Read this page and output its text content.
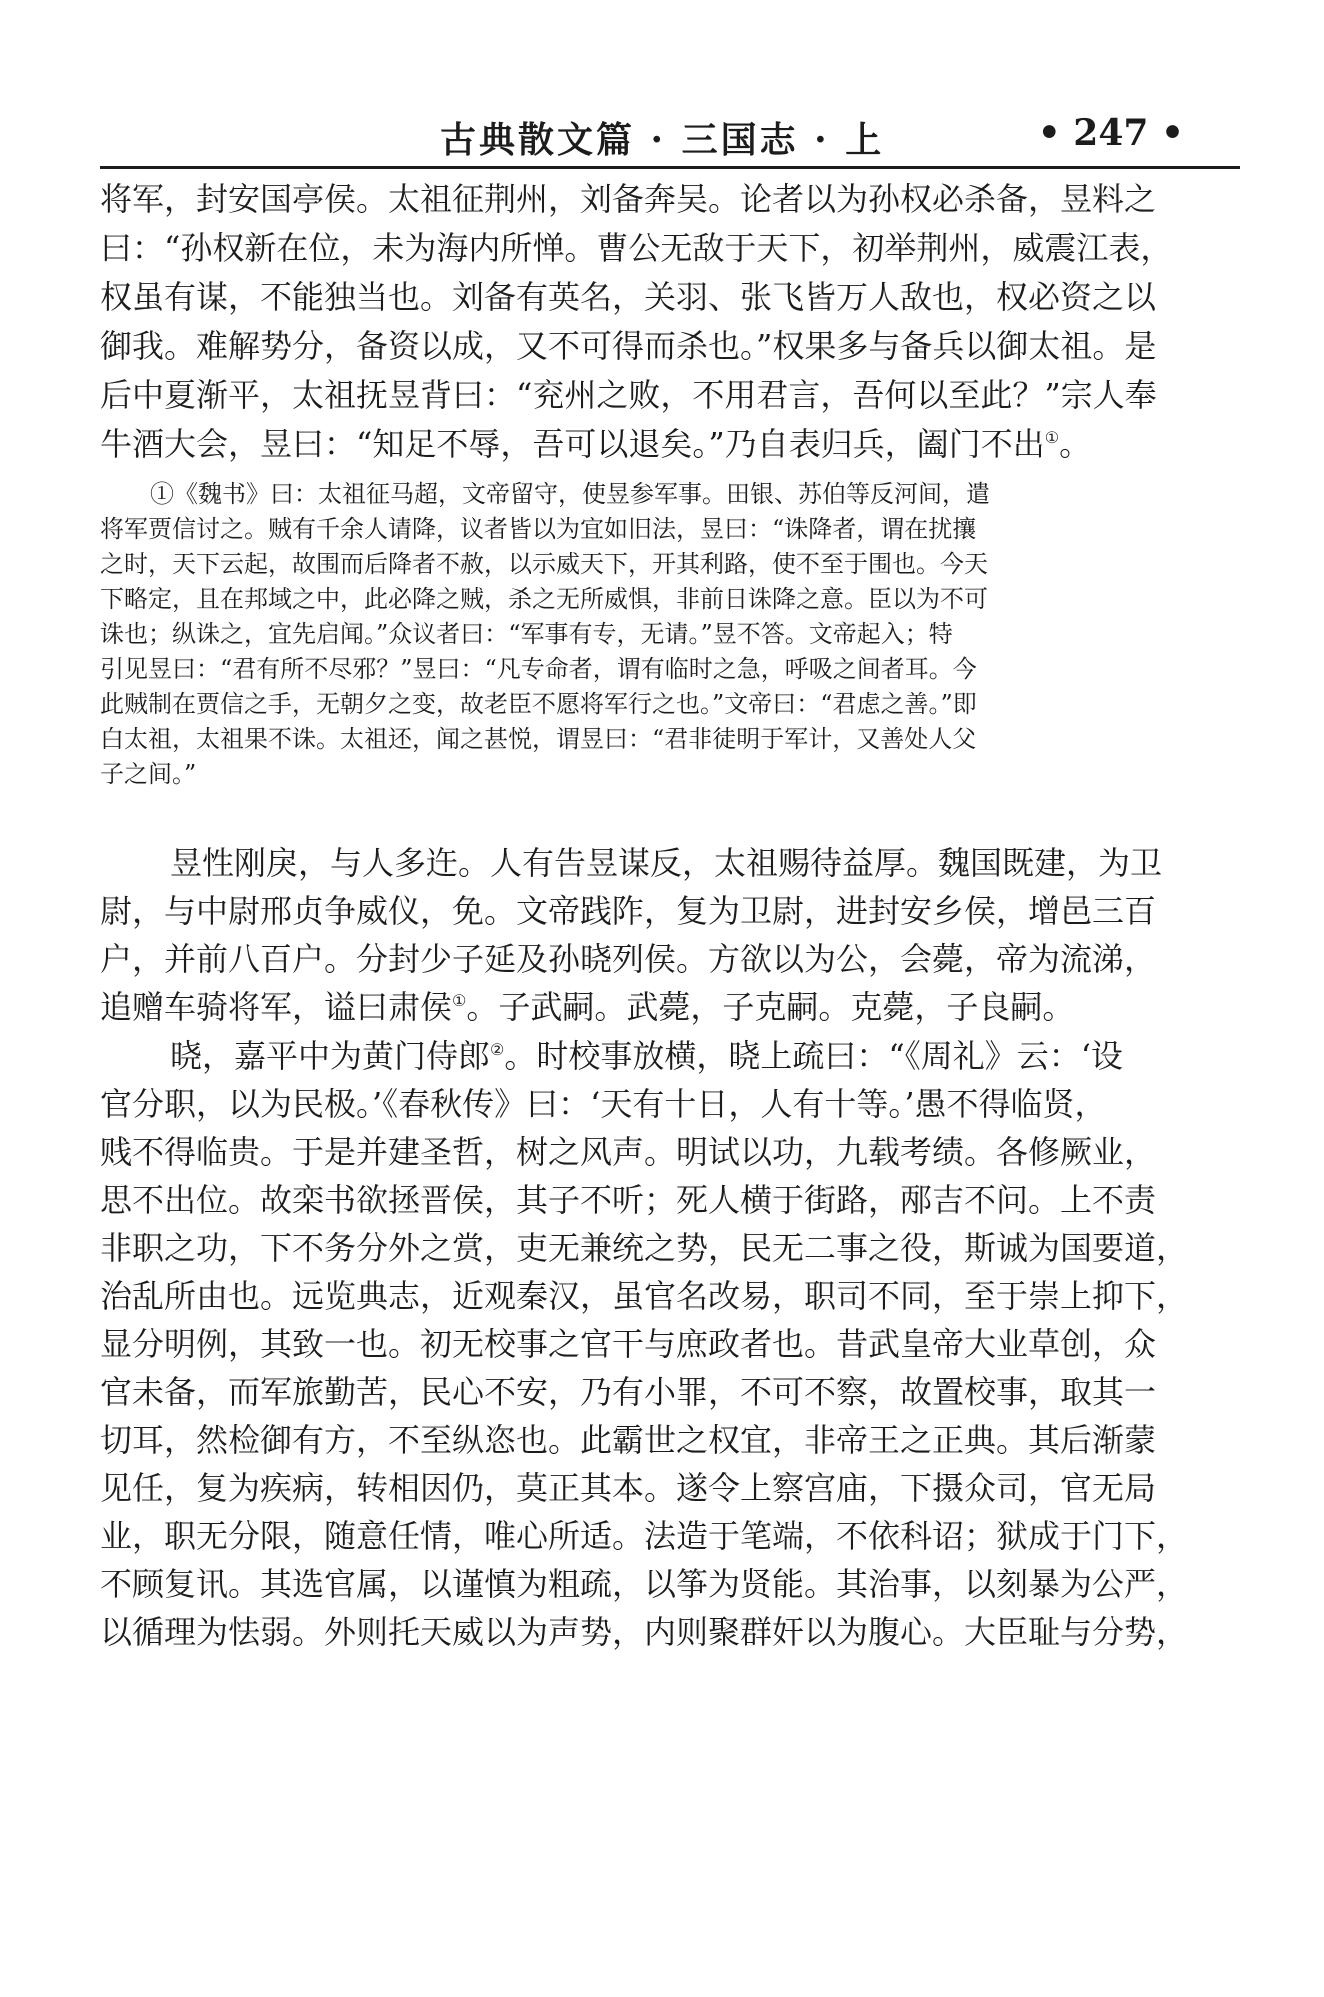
古典散文篇 · 三国志 · 上	• 247 •
将军，封安国亭侯。太祖征荆州，刘备奔吴。论者以为孙权必杀备，昱料之
曰：“孙权新在位，未为海内所惮。曹公无敌于天下，初举荆州，威震江表，
权虽有谋，不能独当也。刘备有英名，关羽、张飞皆万人敌也，权必资之以
御我。难解势分，备资以成，又不可得而杀也。”权果多与备兵以御太祖。是
后中夏渐平，太祖抚昱背曰：“兖州之败，不用君言，吾何以至此？”宗人奉
牛酒大会，昱曰：“知足不辱，吾可以退矣。”乃自表归兵，阖门不出①。
①《魏书》曰：太祖征马超，文帝留守，使昱参军事。田银、苏伯等反河间，遣
将军贾信讨之。贼有千余人请降，议者皆以为宜如旧法，昱曰：“诛降者，谓在扰攘
之时，天下云起，故围而后降者不赦，以示威天下，开其利路，使不至于围也。今天
下略定，且在邦域之中，此必降之贼，杀之无所威惧，非前日诛降之意。臣以为不可
诛也；纵诛之，宜先启闻。”众议者曰：“军事有专，无请。”昱不答。文帝起入；特
引见昱曰：“君有所不尽邪？”昱曰：“凡专命者，谓有临时之急，呼吸之间者耳。今
此贼制在贾信之手，无朝夕之变，故老臣不愿将军行之也。”文帝曰：“君虑之善。”即
白太祖，太祖果不诛。太祖还，闻之甚悦，谓昱曰：“君非徒明于军计，又善处人父
子之间。”
昱性刚戾，与人多迕。人有告昱谋反，太祖赐待益厚。魏国既建，为卫
尉，与中尉邢贞争威仪，免。文帝践阼，复为卫尉，进封安乡侯，增邑三百
户，并前八百户。分封少子延及孙晓列侯。方欲以为公，会薨，帝为流涕，
追赠车骑将军，谥曰肃侯①。子武嗣。武薨，子克嗣。克薨，子良嗣。
晓，嘉平中为黄门侍郎②。时校事放横，晓上疏曰：“《周礼》云：‘设
官分职，以为民极。’《春秋传》曰：‘天有十日，人有十等。’愚不得临贤，
贱不得临贵。于是并建圣哲，树之风声。明试以功，九载考绩。各修厥业，
思不出位。故栾书欲拯晋侯，其子不听；死人横于街路，邴吉不问。上不责
非职之功，下不务分外之赏，吏无兼统之势，民无二事之役，斯诚为国要道，
治乱所由也。远览典志，近观秦汉，虽官名改易，职司不同，至于崇上抑下，
显分明例，其致一也。初无校事之官干与庶政者也。昔武皇帝大业草创，众
官未备，而军旅勤苦，民心不安，乃有小罪，不可不察，故置校事，取其一
切耳，然检御有方，不至纵恣也。此霸世之权宜，非帝王之正典。其后渐蒙
见任，复为疾病，转相因仍，莫正其本。遂令上察宫庙，下摄众司，官无局
业，职无分限，随意任情，唯心所适。法造于笔端，不依科诏；狱成于门下，
不顾复讯。其选官属，以谨慎为粗疏，以筝为贤能。其治事，以刻暴为公严，
以循理为怯弱。外则托天威以为声势，内则聚群奸以为腹心。大臣耻与分势，
